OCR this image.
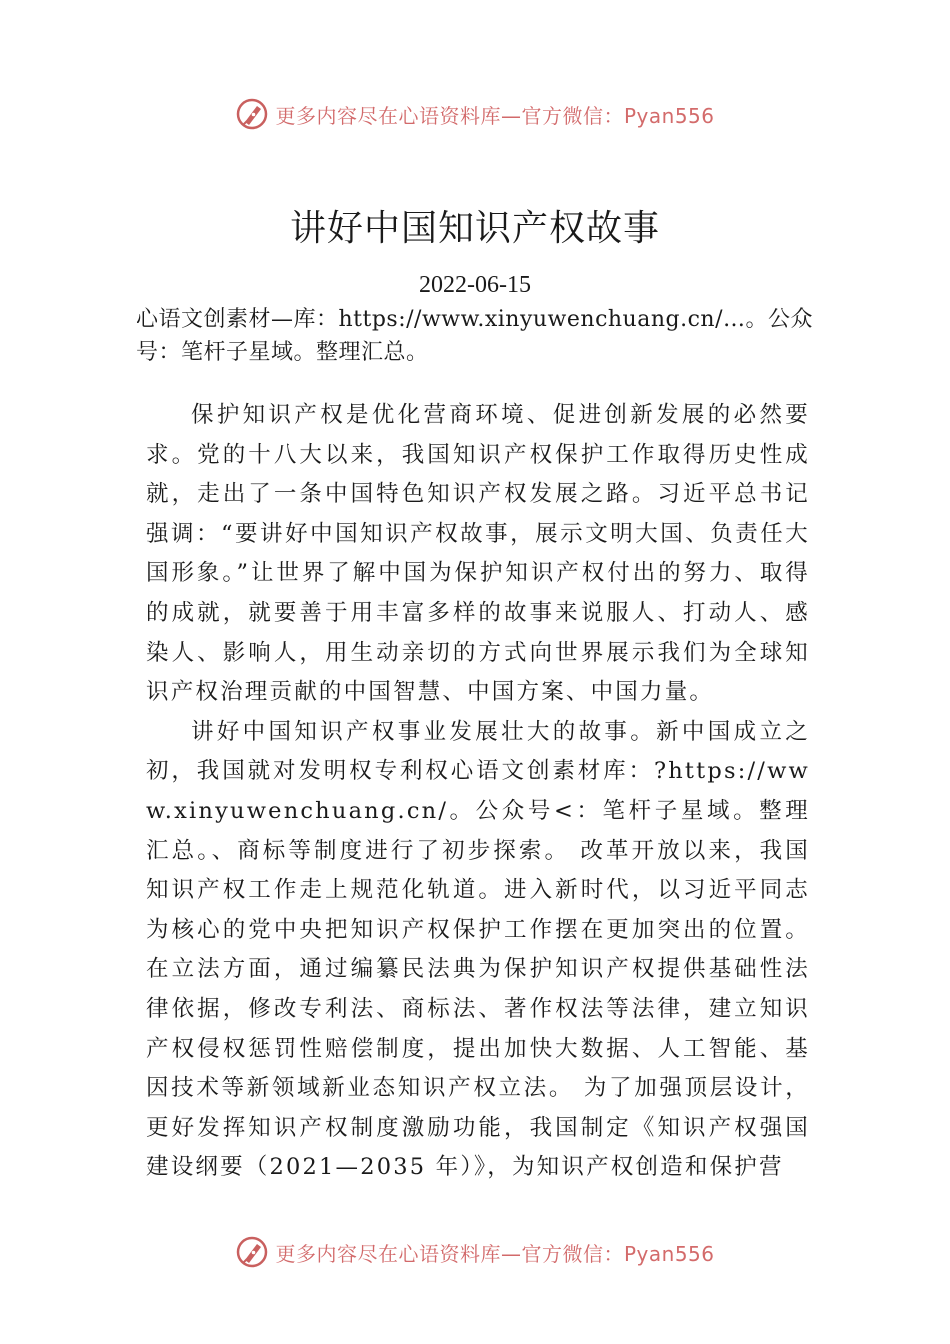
更多内容尽在心语资料库—官方微信：Pyan556
讲好中国知识产权故事
2022-06-15
心语文创素材—库：https://www.xinyuwenchuang.cn/…。公众号：笔杆子星域。整理汇总。

保护知识产权是优化营商环境、促进创新发展的必然要求。党的十八大以来，我国知识产权保护工作取得历史性成就，走出了一条中国特色知识产权发展之路。习近平总书记强调：“要讲好中国知识产权故事，展示文明大国、负责任大国形象。”让世界了解中国为保护知识产权付出的努力、取得的成就，就要善于用丰富多样的故事来说服人、打动人、感染人、影响人，用生动亲切的方式向世界展示我们为全球知识产权治理贡献的中国智慧、中国方案、中国力量。

讲好中国知识产权事业发展壮大的故事。新中国成立之初，我国就对发明权专利权心语文创素材库：?https://www.xinyuwenchuang.cn/。公众号<：笔杆子星域。整理汇总。、商标等制度进行了初步探索。 改革开放以来，我国知识产权工作走上规范化轨道。进入新时代，以习近平同志为核心的党中央把知识产权保护工作摆在更加突出的位置。在立法方面，通过编纂民法典为保护知识产权提供基础性法律依据，修改专利法、商标法、著作权法等法律，建立知识产权侵权惩罚性赔偿制度，提出加快大数据、人工智能、基因技术等新领域新业态知识产权立法。 为了加强顶层设计，更好发挥知识产权制度激励功能，我国制定《知识产权强国建设纲要（2021—2035 年）》，为知识产权创造和保护营

更多内容尽在心语资料库—官方微信：Pyan556
